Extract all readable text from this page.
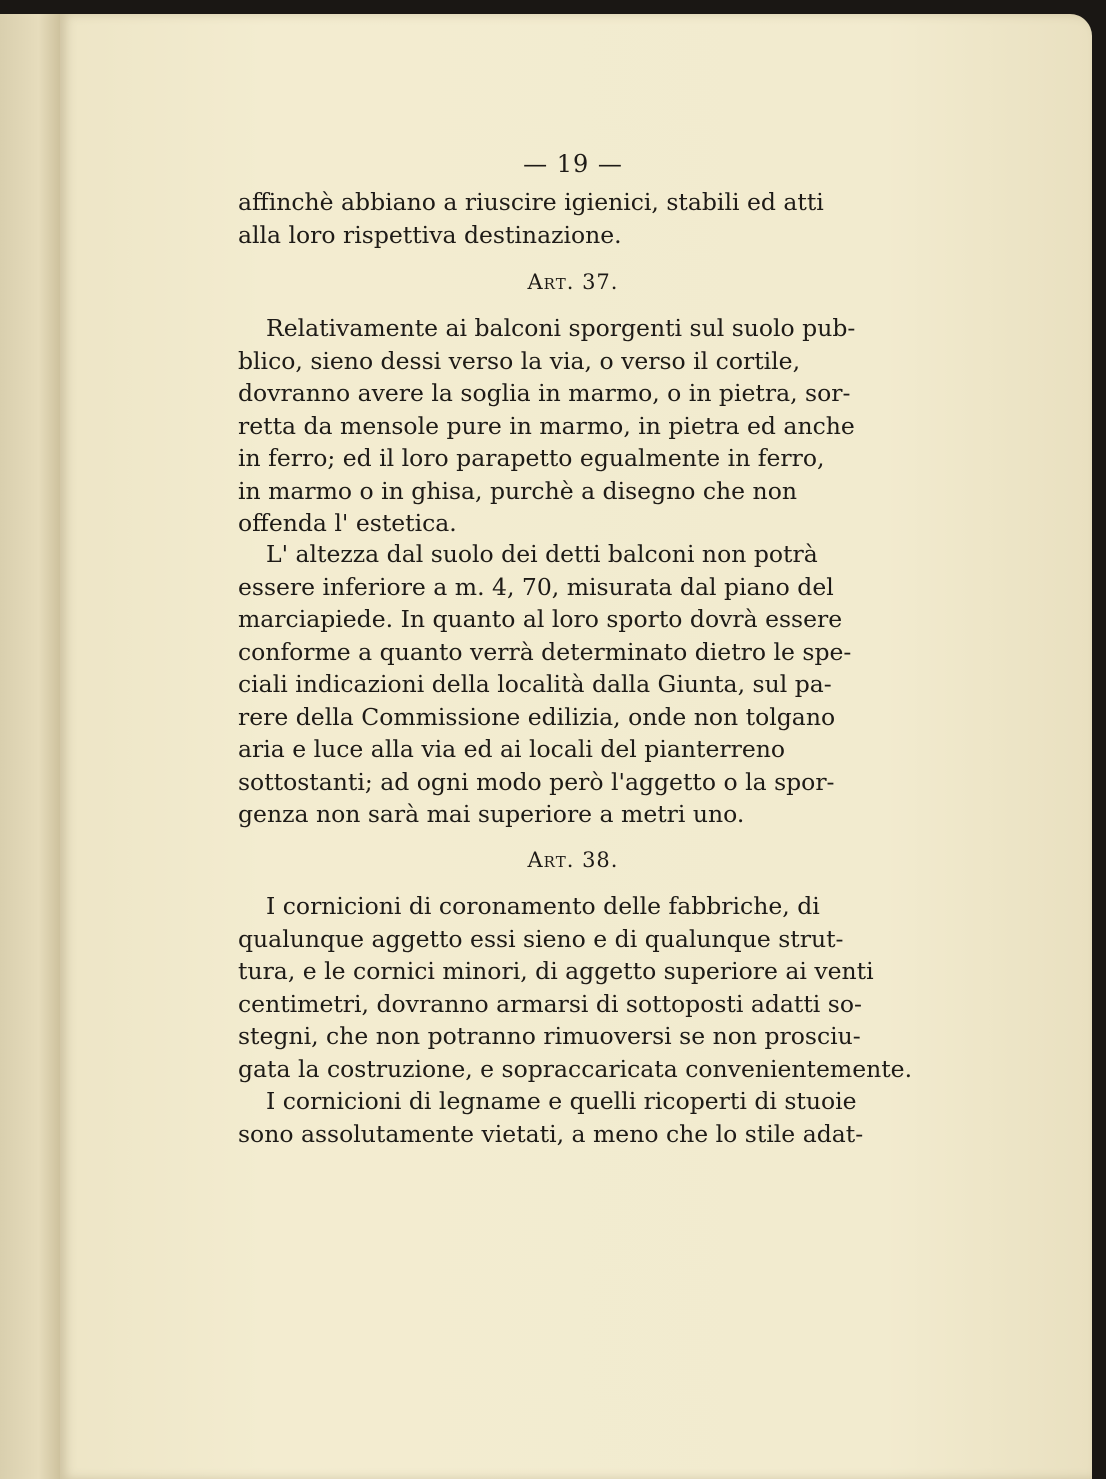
— 19 —
affinchè abbiano a riuscire igienici, stabili ed atti
alla loro rispettiva destinazione.
Art. 37.
Relativamente ai balconi sporgenti sul suolo pub-
blico, sieno dessi verso la via, o verso il cortile,
dovranno avere la soglia in marmo, o in pietra, sor-
retta da mensole pure in marmo, in pietra ed anche
in ferro; ed il loro parapetto egualmente in ferro,
in marmo o in ghisa, purchè a disegno che non
offenda l' estetica.
L' altezza dal suolo dei detti balconi non potrà
essere inferiore a m. 4, 70, misurata dal piano del
marciapiede. In quanto al loro sporto dovrà essere
conforme a quanto verrà determinato dietro le spe-
ciali indicazioni della località dalla Giunta, sul pa-
rere della Commissione edilizia, onde non tolgano
aria e luce alla via ed ai locali del pianterreno
sottostanti; ad ogni modo però l'aggetto o la spor-
genza non sarà mai superiore a metri uno.
Art. 38.
I cornicioni di coronamento delle fabbriche, di
qualunque aggetto essi sieno e di qualunque strut-
tura, e le cornici minori, di aggetto superiore ai venti
centimetri, dovranno armarsi di sottoposti adatti so-
stegni, che non potranno rimuoversi se non prosciu-
gata la costruzione, e sopraccaricata convenientemente.
I cornicioni di legname e quelli ricoperti di stuoie
sono assolutamente vietati, a meno che lo stile adat-
